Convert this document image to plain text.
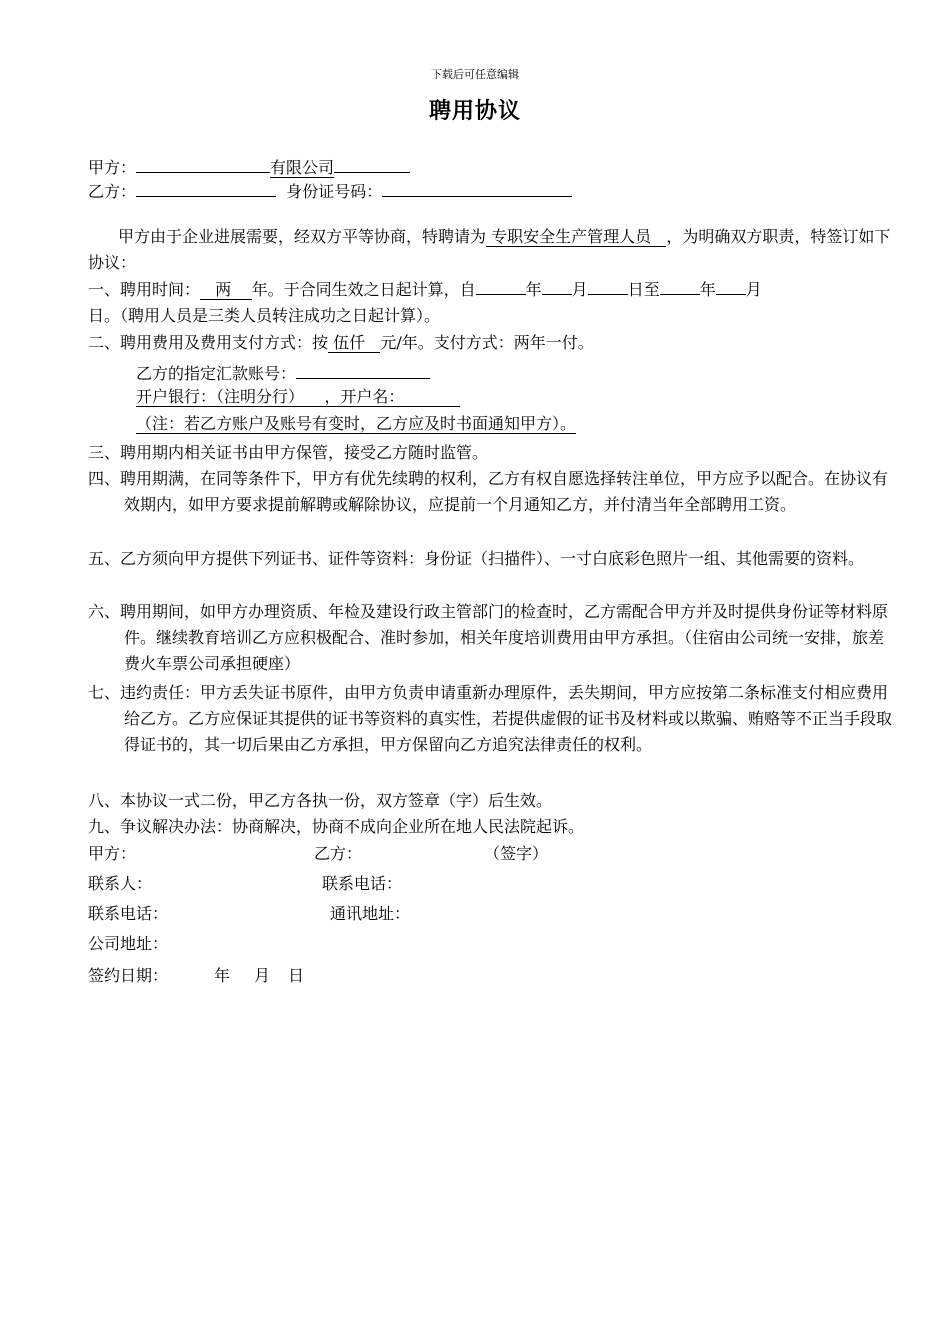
下载后可任意编辑
聘用协议
甲方：	有限公司
乙方：	身份证号码：
甲方由于企业进展需要，经双方平等协商，特聘请为 专职安全生产管理人员 ，为明确双方职责，特签订如下协议：
一、聘用时间： 两 年。于合同生效之日起计算，自	年 月	日至	年 月
日。（聘用人员是三类人员转注成功之日起计算）。
二、聘用费用及费用支付方式：按 伍仟 元/年。支付方式：两年一付。
乙方的指定汇款账号：
开户银行：（注明分行） ，开户名：
（注：若乙方账户及账号有变时，乙方应及时书面通知甲方）。
三、聘用期内相关证书由甲方保管，接受乙方随时监管。
四、聘用期满，在同等条件下，甲方有优先续聘的权利，乙方有权自愿选择转注单位，甲方应予以配合。在协议有效期内，如甲方要求提前解聘或解除协议，应提前一个月通知乙方，并付清当年全部聘用工资。
五、乙方须向甲方提供下列证书、证件等资料：身份证（扫描件）、一寸白底彩色照片一组、其他需要的资料。
六、聘用期间，如甲方办理资质、年检及建设行政主管部门的检查时，乙方需配合甲方并及时提供身份证等材料原件。继续教育培训乙方应积极配合、准时参加，相关年度培训费用由甲方承担。（住宿由公司统一安排，旅差费火车票公司承担硬座）
七、违约责任：甲方丢失证书原件，由甲方负责申请重新办理原件，丢失期间，甲方应按第二条标准支付相应费用给乙方。乙方应保证其提供的证书等资料的真实性，若提供虚假的证书及材料或以欺骗、贿赂等不正当手段取得证书的，其一切后果由乙方承担，甲方保留向乙方追究法律责任的权利。
八、本协议一式二份，甲乙方各执一份，双方签章（字）后生效。
九、争议解决办法：协商解决，协商不成向企业所在地人民法院起诉。
甲方：	乙方：	（签字）
联系人：	联系电话：
联系电话：	通讯地址：
公司地址：
签约日期：	年 月 日
